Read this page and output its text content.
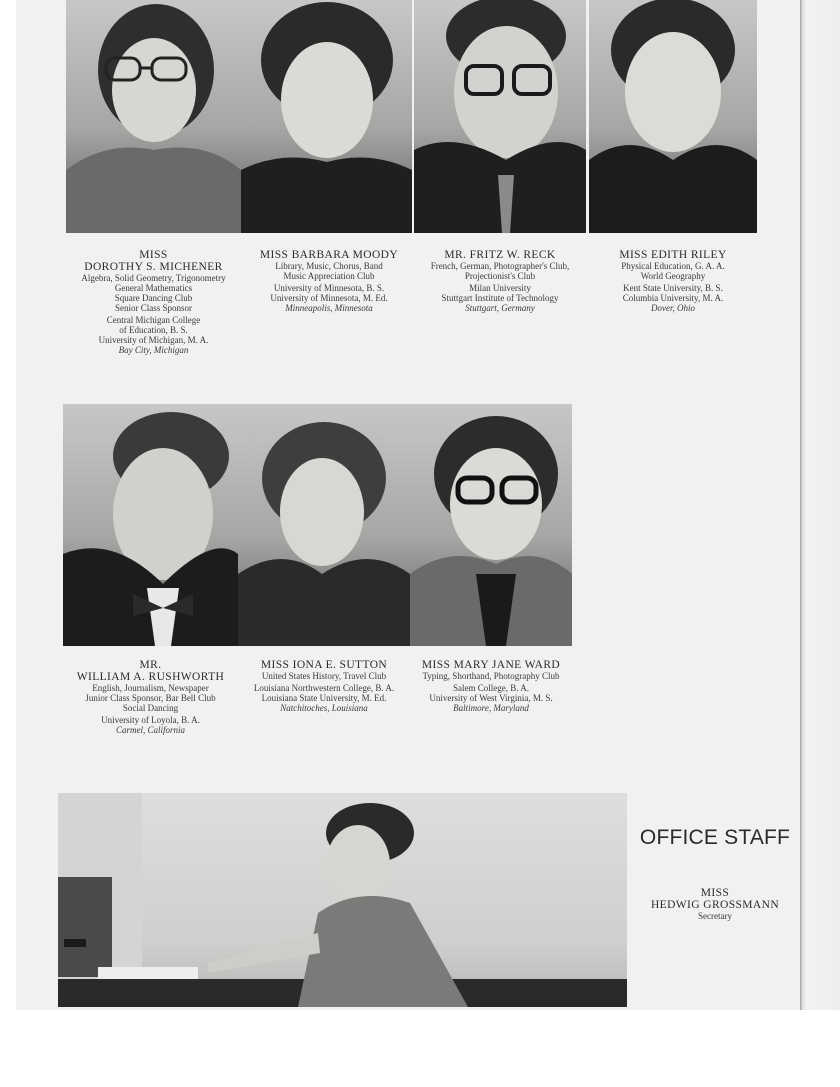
MISS
DOROTHY S. MICHENER
Algebra, Solid Geometry, Trigonometry
General Mathematics
Square Dancing Club
Senior Class Sponsor
Central Michigan College
of Education, B. S.
University of Michigan, M. A.
Bay City, Michigan
MISS BARBARA MOODY
Library, Music, Chorus, Band
Music Appreciation Club
University of Minnesota, B. S.
University of Minnesota, M. Ed.
Minneapolis, Minnesota
MR. FRITZ W. RECK
French, German, Photographer's Club,
Projectionist's Club
Milan University
Stuttgart Institute of Technology
Stuttgart, Germany
MISS EDITH RILEY
Physical Education, G. A. A.
World Geography
Kent State University, B. S.
Columbia University, M. A.
Dover, Ohio
MR.
WILLIAM A. RUSHWORTH
English, Journalism, Newspaper
Junior Class Sponsor, Bar Bell Club
Social Dancing
University of Loyola, B. A.
Carmel, California
MISS IONA E. SUTTON
United States History, Travel Club
Louisiana Northwestern College, B. A.
Louisiana State University, M. Ed.
Natchitoches, Louisiana
MISS MARY JANE WARD
Typing, Shorthand, Photography Club
Salem College, B. A.
University of West Virginia, M. S.
Baltimore, Maryland
OFFICE STAFF
MISS
HEDWIG GROSSMANN
Secretary
